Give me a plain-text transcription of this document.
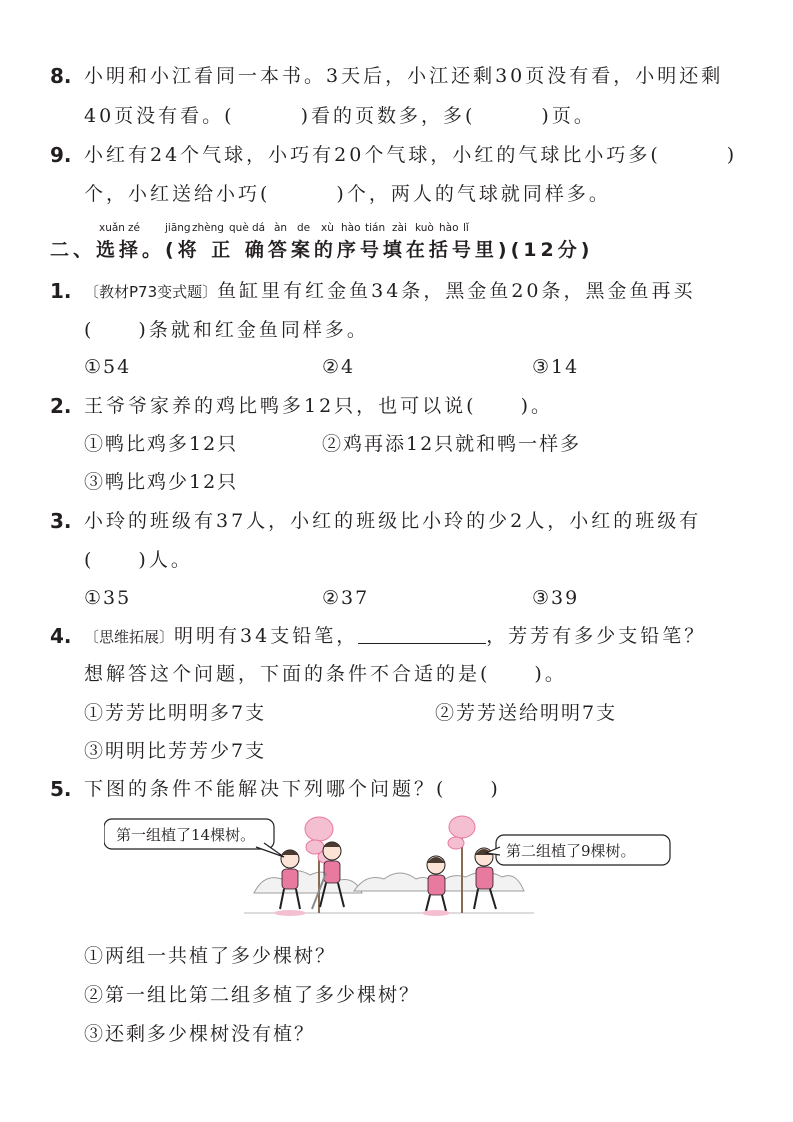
8. 小明和小江看同一本书。3天后，小江还剩30页没有看，小明还剩
40页没有看。(　　　)看的页数多，多(　　　)页。
9. 小红有24个气球，小巧有20个气球，小红的气球比小巧多(　　　)
个，小红送给小巧(　　　)个，两人的气球就同样多。
xuǎn zé jiāng zhèng què dá àn de xù hào tián zài kuò hào lǐ
二、选择。(将 正 确答案的序号填在括号里)(12分)
1. 〔教材P73变式题〕鱼缸里有红金鱼34条，黑金鱼20条，黑金鱼再买
(　　)条就和红金鱼同样多。
①54	②4	③14
2. 王爷爷家养的鸡比鸭多12只，也可以说(　　)。
①鸭比鸡多12只	②鸡再添12只就和鸭一样多
③鸭比鸡少12只
3. 小玲的班级有37人，小红的班级比小玲的少2人，小红的班级有
(　　)人。
①35	②37	③39
4. 〔思维拓展〕明明有34支铅笔，	，芳芳有多少支铅笔？
想解答这个问题，下面的条件不合适的是(　　)。
①芳芳比明明多7支	②芳芳送给明明7支
③明明比芳芳少7支
5. 下图的条件不能解决下列哪个问题？(　　)
第一组植了14棵树。
第二组植了9棵树。
①两组一共植了多少棵树？
②第一组比第二组多植了多少棵树？
③还剩多少棵树没有植？
